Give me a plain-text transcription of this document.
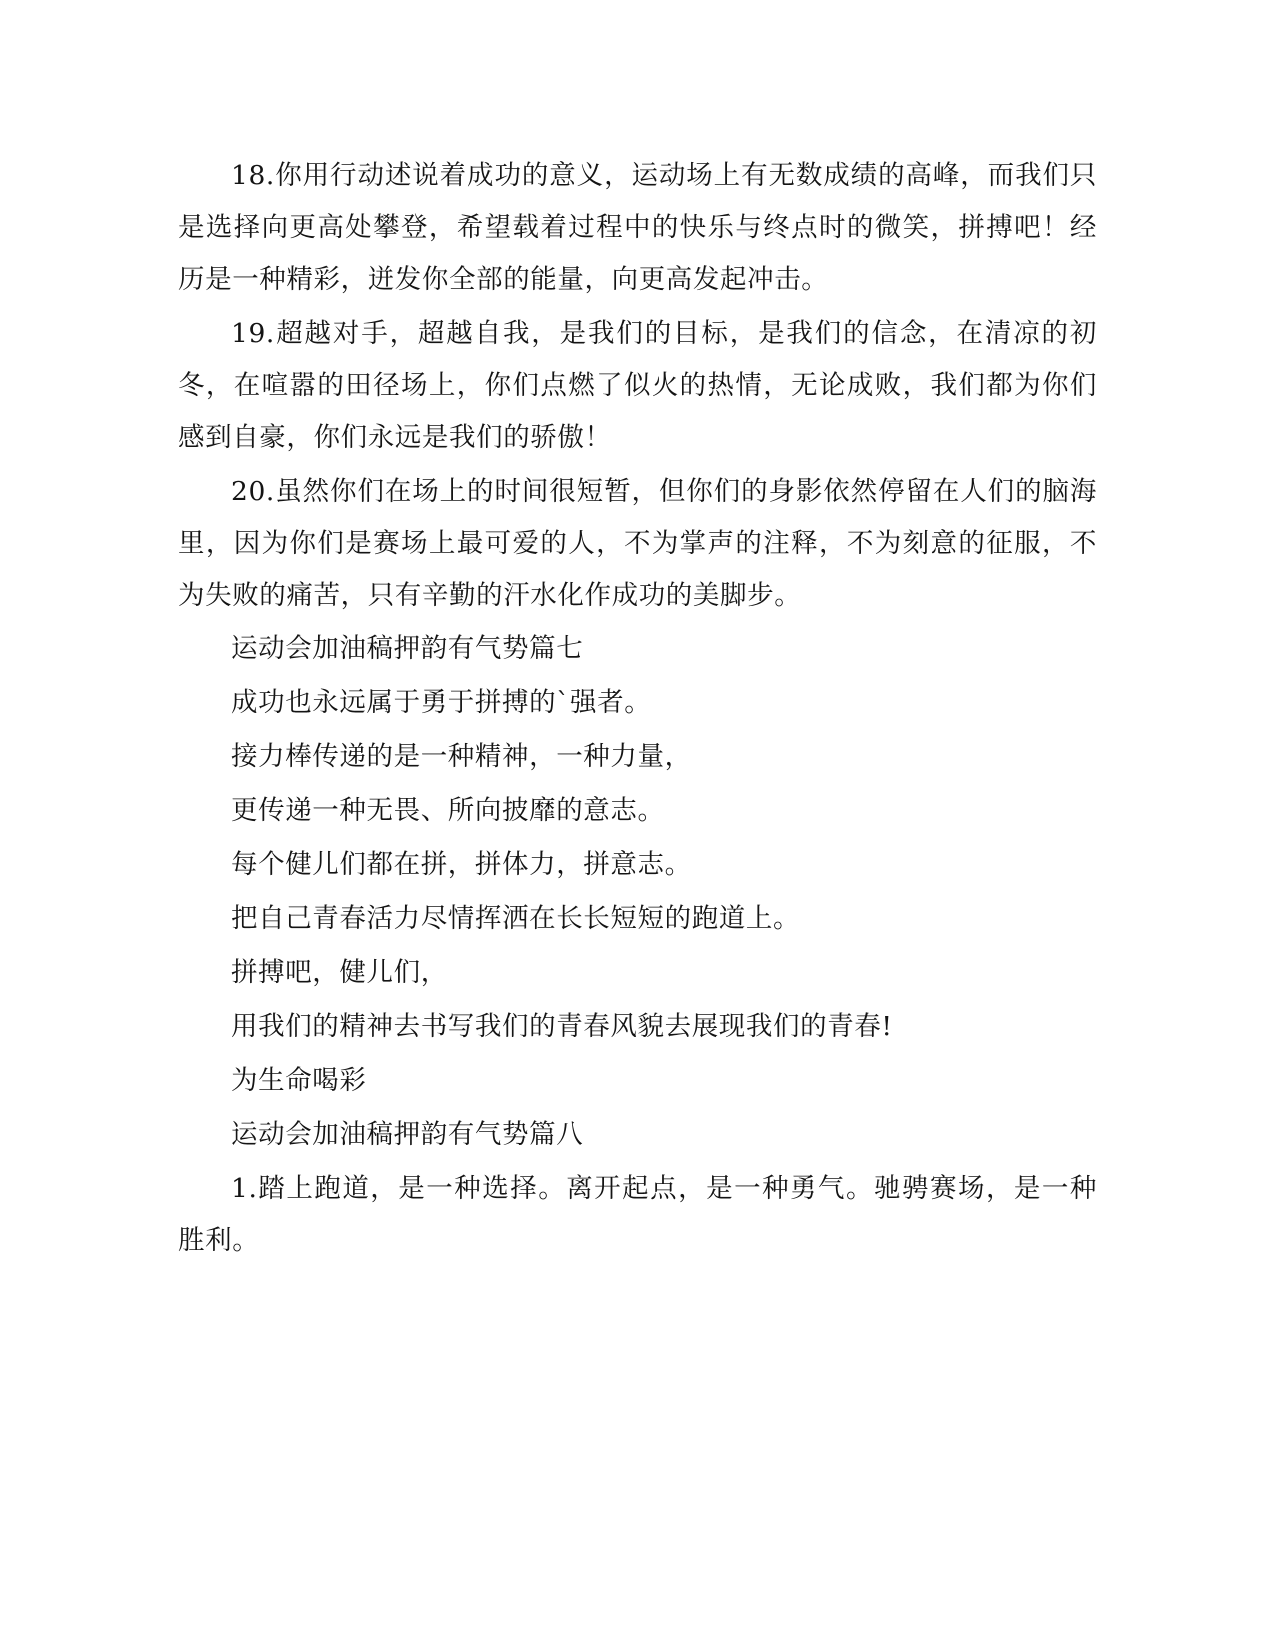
18.你用行动述说着成功的意义，运动场上有无数成绩的高峰，而我们只是选择向更高处攀登，希望载着过程中的快乐与终点时的微笑，拼搏吧！经历是一种精彩，迸发你全部的能量，向更高发起冲击。

19.超越对手，超越自我，是我们的目标，是我们的信念，在清凉的初冬，在喧嚣的田径场上，你们点燃了似火的热情，无论成败，我们都为你们感到自豪，你们永远是我们的骄傲！

20.虽然你们在场上的时间很短暂，但你们的身影依然停留在人们的脑海里，因为你们是赛场上最可爱的人，不为掌声的注释，不为刻意的征服，不为失败的痛苦，只有辛勤的汗水化作成功的美脚步。

运动会加油稿押韵有气势篇七

成功也永远属于勇于拼搏的`强者。

接力棒传递的是一种精神，一种力量，

更传递一种无畏、所向披靡的意志。

每个健儿们都在拼，拼体力，拼意志。

把自己青春活力尽情挥洒在长长短短的跑道上。

拼搏吧，健儿们，

用我们的精神去书写我们的青春风貌去展现我们的青春!

为生命喝彩

运动会加油稿押韵有气势篇八

1.踏上跑道，是一种选择。离开起点，是一种勇气。驰骋赛场，是一种胜利。
